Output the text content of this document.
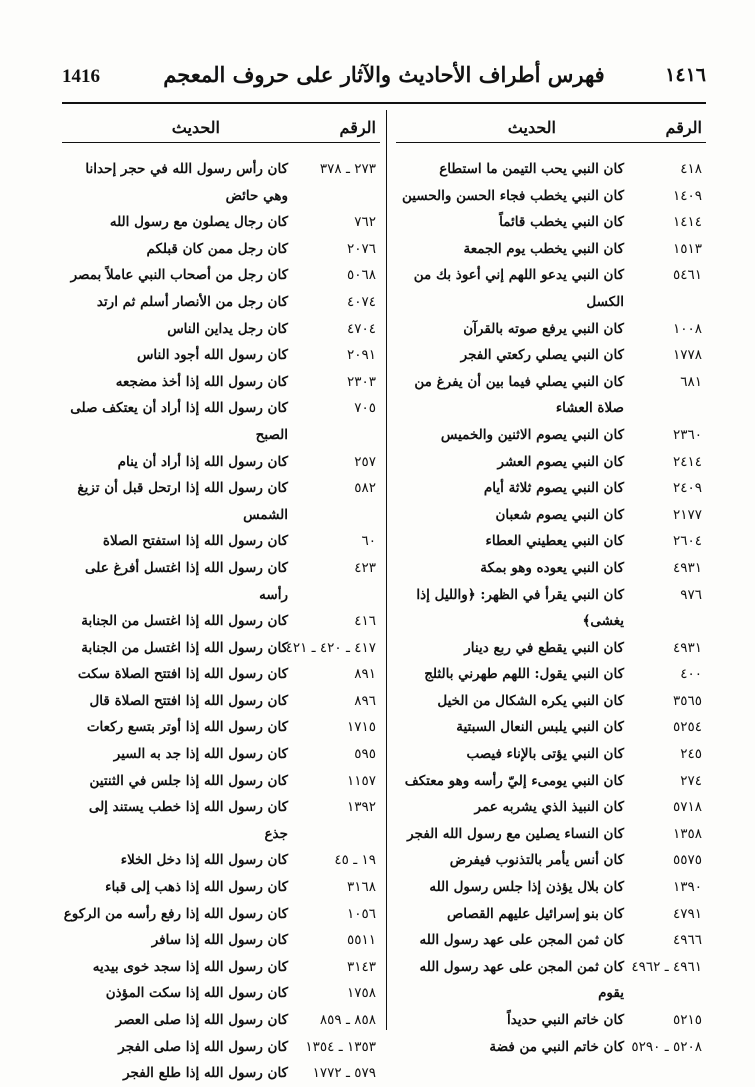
1416	فهرس أطراف الأحاديث والآثار على حروف المعجم	١٤١٦
الرقم
الحديث
٤١٨
كان النبي يحب التيمن ما استطاع
١٤٠٩
كان النبي يخطب فجاء الحسن والحسين
١٤١٤
كان النبي يخطب قائماً
١٥١٣
كان النبي يخطب يوم الجمعة
٥٤٦١
كان النبي يدعو اللهم إني أعوذ بك من الكسل
١٠٠٨
كان النبي يرفع صوته بالقرآن
١٧٧٨
كان النبي يصلي ركعتي الفجر
٦٨١
كان النبي يصلي فيما بين أن يفرغ من صلاة العشاء
٢٣٦٠
كان النبي يصوم الاثنين والخميس
٢٤١٤
كان النبي يصوم العشر
٢٤٠٩
كان النبي يصوم ثلاثة أيام
٢١٧٧
كان النبي يصوم شعبان
٢٦٠٤
كان النبي يعطيني العطاء
٤٩٣١
كان النبي يعوده وهو بمكة
٩٧٦
كان النبي يقرأ في الظهر: ﴿والليل إذا يغشى﴾
٤٩٣١
كان النبي يقطع في ربع دينار
٤٠٠
كان النبي يقول: اللهم طهرني بالثلج
٣٥٦٥
كان النبي يكره الشكال من الخيل
٥٢٥٤
كان النبي يلبس النعال السبتية
٢٤٥
كان النبي يؤتى بالإناء فيصب
٢٧٤
كان النبي يومىء إليّ رأسه وهو معتكف
٥٧١٨
كان النبيذ الذي يشربه عمر
١٣٥٨
كان النساء يصلين مع رسول الله الفجر
٥٥٧٥
كان أنس يأمر بالتذنوب فيفرض
١٣٩٠
كان بلال يؤذن إذا جلس رسول الله
٤٧٩١
كان بنو إسرائيل عليهم القصاص
٤٩٦٦
كان ثمن المجن على عهد رسول الله
٤٩٦١ ـ ٤٩٦٢
كان ثمن المجن على عهد رسول الله يقوم
٥٢١٥
كان خاتم النبي حديداً
٥٢٠٨ ـ ٥٢٩٠
كان خاتم النبي من فضة
الرقم
الحديث
٢٧٣ ـ ٣٧٨
كان رأس رسول الله في حجر إحدانا وهي حائض
٧٦٢
كان رجال يصلون مع رسول الله
٢٠٧٦
كان رجل ممن كان قبلكم
٥٠٦٨
كان رجل من أصحاب النبي عاملاً بمصر
٤٠٧٤
كان رجل من الأنصار أسلم ثم ارتد
٤٧٠٤
كان رجل يداين الناس
٢٠٩١
كان رسول الله أجود الناس
٢٣٠٣
كان رسول الله إذا أخذ مضجعه
٧٠٥
كان رسول الله إذا أراد أن يعتكف صلى الصبح
٢٥٧
كان رسول الله إذا أراد أن ينام
٥٨٢
كان رسول الله إذا ارتحل قبل أن تزيغ الشمس
٦٠
كان رسول الله إذا استفتح الصلاة
٤٢٣
كان رسول الله إذا اغتسل أفرغ على رأسه
٤١٦
كان رسول الله إذا اغتسل من الجنابة
٤١٧ ـ ٤٢٠ ـ ٤٢١
كان رسول الله إذا اغتسل من الجنابة
٨٩١
كان رسول الله إذا افتتح الصلاة سكت
٨٩٦
كان رسول الله إذا افتتح الصلاة قال
١٧١٥
كان رسول الله إذا أوتر بتسع ركعات
٥٩٥
كان رسول الله إذا جد به السير
١١٥٧
كان رسول الله إذا جلس في الثنتين
١٣٩٢
كان رسول الله إذا خطب يستند إلى جذع
١٩ ـ ٤٥
كان رسول الله إذا دخل الخلاء
٣١٦٨
كان رسول الله إذا ذهب إلى قباء
١٠٥٦
كان رسول الله إذا رفع رأسه من الركوع
٥٥١١
كان رسول الله إذا سافر
٣١٤٣
كان رسول الله إذا سجد خوى بيديه
١٧٥٨
كان رسول الله إذا سكت المؤذن
٨٥٨ ـ ٨٥٩
كان رسول الله إذا صلى العصر
١٣٥٣ ـ ١٣٥٤
كان رسول الله إذا صلى الفجر
٥٧٩ ـ ١٧٧٢
كان رسول الله إذا طلع الفجر
